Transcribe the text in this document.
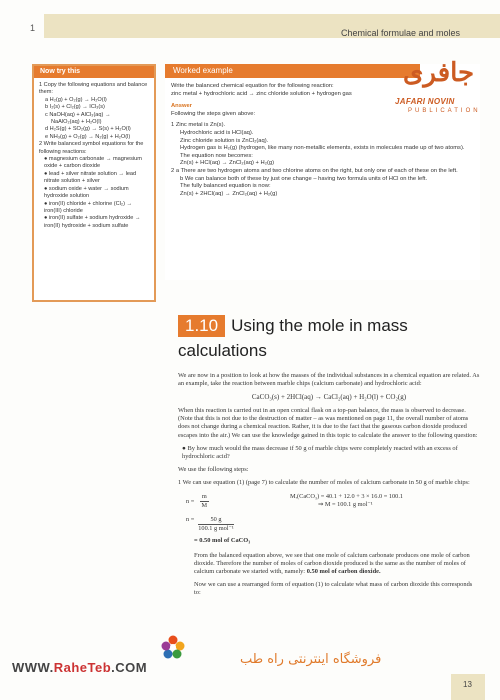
1	Chemical formulae and moles
Now try this
1 Copy the following equations and balance them:
a H₂(g) + O₂(g) → H₂O(l)
b I₂(s) + Cl₂(g) → ICl₃(s)
c NaOH(aq) + AlCl₃(aq) →
NaAlO₂(aq) + H₂O(l)
d H₂S(g) + SO₂(g) → S(s) + H₂O(l)
e NH₃(g) + O₂(g) → N₂(g) + H₂O(l)
2 Write balanced symbol equations for the following reactions:
● magnesium carbonate → magnesium oxide + carbon dioxide
● lead + silver nitrate solution → lead nitrate solution + silver
● sodium oxide + water → sodium hydroxide solution
● iron(II) chloride + chlorine (Cl₂) → iron(III) chloride
● iron(II) sulfate + sodium hydroxide → iron(II) hydroxide + sodium sulfate
Worked example
Write the balanced chemical equation for the following reaction:
zinc metal + hydrochloric acid → zinc chloride solution + hydrogen gas
Answer
Following the steps given above:
1 Zinc metal is Zn(s).
Hydrochloric acid is HCl(aq).
Zinc chloride solution is ZnCl₂(aq).
Hydrogen gas is H₂(g) (hydrogen, like many non-metallic elements, exists in molecules made up of two atoms).
The equation now becomes:
Zn(s) + HCl(aq) → ZnCl₂(aq) + H₂(g)
2 a There are two hydrogen atoms and two chlorine atoms on the right, but only one of each of these on the left.
b We can balance both of these by just one change – having two formula units of HCl on the left.
The fully balanced equation is now:
Zn(s) + 2HCl(aq) → ZnCl₂(aq) + H₂(g)
جافری
JAFARI NOVIN
PUBLICATION
1.10 Using the mole in mass
calculations

We are now in a position to look at how the masses of the individual substances in a chemical equation are related. As an example, take the reaction between marble chips (calcium carbonate) and hydrochloric acid:

CaCO₃(s) + 2HCl(aq) → CaCl₂(aq) + H₂O(l) + CO₂(g)

When this reaction is carried out in an open conical flask on a top-pan balance, the mass is observed to decrease. (Note that this is not due to the destruction of matter – as was mentioned on page 11, the overall number of atoms does not change during a chemical reaction. Rather, it is due to the fact that the gaseous carbon dioxide produced escapes into the air.) We can use the knowledge gained in this topic to calculate the answer to the following question:

● By how much would the mass decrease if 50 g of marble chips were completely reacted with an excess of hydrochloric acid?

We use the following steps:

1 We can use equation (1) (page 7) to calculate the number of moles of calcium carbonate in 50 g of marble chips:

$n = \frac{m}{M}$	Mᵣ(CaCO₃) = 40.1 + 12.0 + 3 × 16.0 = 100.1
⇒ M = 100.1 g mol⁻¹
$n = \frac{50 g}{\text{100.1 g mol⁻¹}}$
= 0.50 mol of CaCO₃

From the balanced equation above, we see that one mole of calcium carbonate produces one mole of carbon dioxide. Therefore the number of moles of carbon dioxide produced is the same as the number of moles of calcium carbonate we started with, namely: 0.50 mol of carbon dioxide.

Now we can use a rearranged form of equation (1) to calculate what mass of carbon dioxide this corresponds to:

WWW.RaheTeb.COM
فروشگاه اینترنتی راه طب
13
